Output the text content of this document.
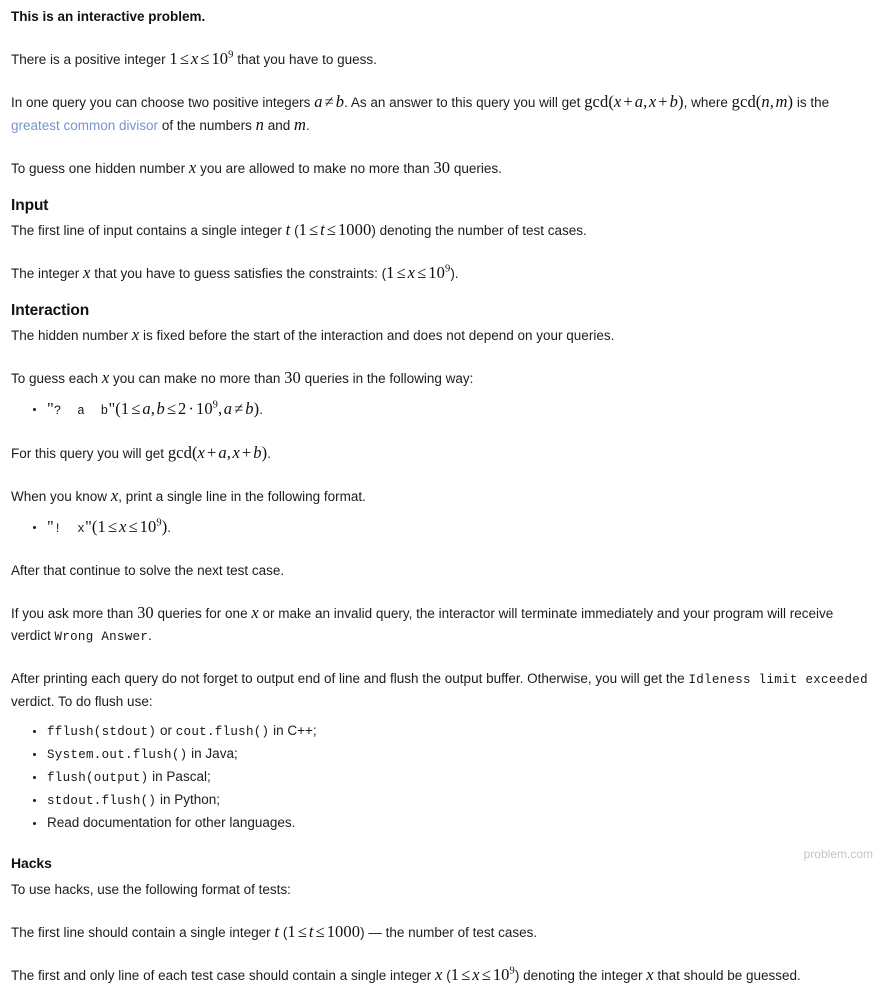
This is an interactive problem.

There is a positive integer $1 \le x \le 10^9$ that you have to guess.

In one query you can choose two positive integers a ≠ b. As an answer to this query you will get gcd(x + a, x + b), where gcd(n, m) is the greatest common divisor of the numbers n and m.

To guess one hidden number x you are allowed to make no more than 30 queries.

Input

The first line of input contains a single integer t (1 ≤ t ≤ 1000) denoting the number of test cases.

The integer x that you have to guess satisfies the constraints: $(1 \le x \le 10^9)$.

Interaction

The hidden number x is fixed before the start of the interaction and does not depend on your queries.

To guess each x you can make no more than 30 queries in the following way:

"?  a  b"(1 ≤ a, $b \le 2 \cdot 10^9$, a ≠ b).

For this query you will get gcd(x + a, x + b).

When you know x, print a single line in the following format.

"!  x"(1 ≤ $x \le 10^9$).

After that continue to solve the next test case.

If you ask more than 30 queries for one x or make an invalid query, the interactor will terminate immediately and your program will receive verdict Wrong Answer.

After printing each query do not forget to output end of line and flush the output buffer. Otherwise, you will get the Idleness limit exceeded verdict. To do flush use:

fflush(stdout) or cout.flush() in C++;
System.out.flush() in Java;
flush(output) in Pascal;
stdout.flush() in Python;
Read documentation for other languages.
Hacks

To use hacks, use the following format of tests:

The first line should contain a single integer t (1 ≤ t ≤ 1000) — the number of test cases.

The first and only line of each test case should contain a single integer x $(1 \le x \le 10^9)$ denoting the integer x that should be guessed.

problem.com
